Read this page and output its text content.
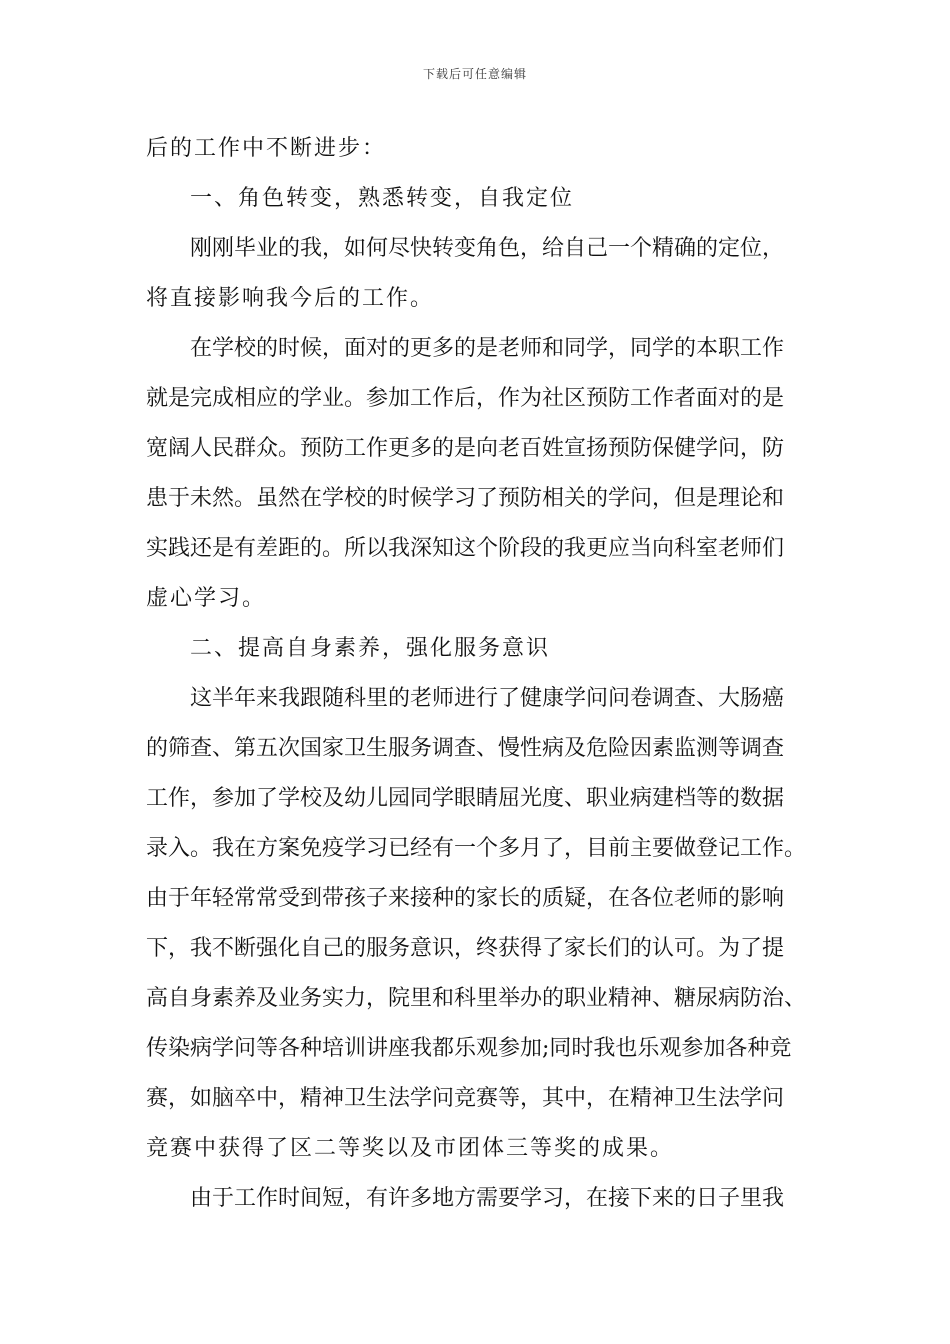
下载后可任意编辑
后的工作中不断进步：
一、角色转变，熟悉转变，自我定位
刚刚毕业的我，如何尽快转变角色，给自己一个精确的定位，
将直接影响我今后的工作。
在学校的时候，面对的更多的是老师和同学，同学的本职工作
就是完成相应的学业。参加工作后，作为社区预防工作者面对的是
宽阔人民群众。预防工作更多的是向老百姓宣扬预防保健学问，防
患于未然。虽然在学校的时候学习了预防相关的学问，但是理论和
实践还是有差距的。所以我深知这个阶段的我更应当向科室老师们
虚心学习。
二、提高自身素养，强化服务意识
这半年来我跟随科里的老师进行了健康学问问卷调查、大肠癌
的筛查、第五次国家卫生服务调查、慢性病及危险因素监测等调查
工作，参加了学校及幼儿园同学眼睛屈光度、职业病建档等的数据
录入。我在方案免疫学习已经有一个多月了，目前主要做登记工作。
由于年轻常常受到带孩子来接种的家长的质疑，在各位老师的影响
下，我不断强化自己的服务意识，终获得了家长们的认可。为了提
高自身素养及业务实力，院里和科里举办的职业精神、糖尿病防治、
传染病学问等各种培训讲座我都乐观参加;同时我也乐观参加各种竞
赛，如脑卒中，精神卫生法学问竞赛等，其中，在精神卫生法学问
竞赛中获得了区二等奖以及市团体三等奖的成果。
由于工作时间短，有许多地方需要学习，在接下来的日子里我
